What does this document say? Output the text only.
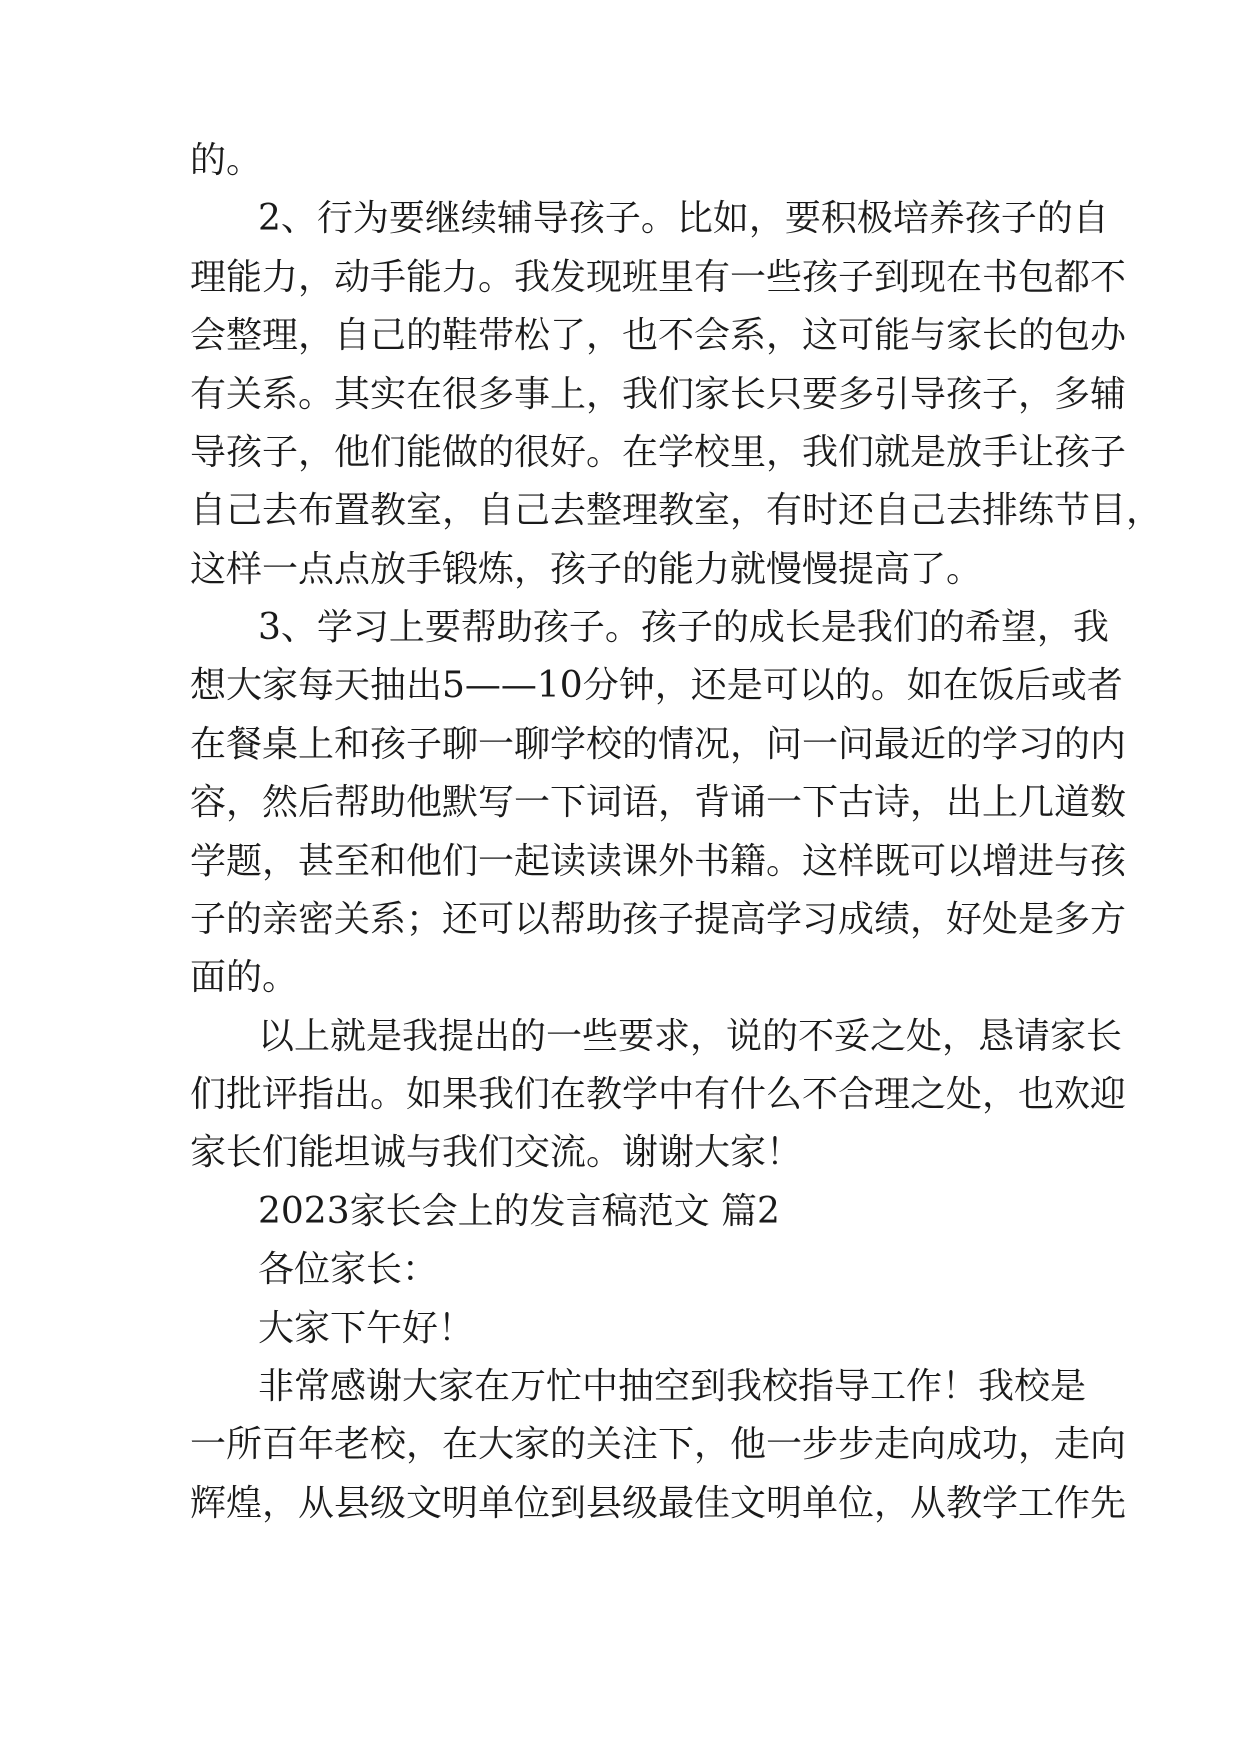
的。
2、行为要继续辅导孩子。比如，要积极培养孩子的自
理能力，动手能力。我发现班里有一些孩子到现在书包都不
会整理，自己的鞋带松了，也不会系，这可能与家长的包办
有关系。其实在很多事上，我们家长只要多引导孩子，多辅
导孩子，他们能做的很好。在学校里，我们就是放手让孩子
自己去布置教室，自己去整理教室，有时还自己去排练节目，
这样一点点放手锻炼，孩子的能力就慢慢提高了。
3、学习上要帮助孩子。孩子的成长是我们的希望，我
想大家每天抽出5——10分钟，还是可以的。如在饭后或者
在餐桌上和孩子聊一聊学校的情况，问一问最近的学习的内
容，然后帮助他默写一下词语，背诵一下古诗，出上几道数
学题，甚至和他们一起读读课外书籍。这样既可以增进与孩
子的亲密关系；还可以帮助孩子提高学习成绩，好处是多方
面的。
以上就是我提出的一些要求，说的不妥之处，恳请家长
们批评指出。如果我们在教学中有什么不合理之处，也欢迎
家长们能坦诚与我们交流。谢谢大家！
2023家长会上的发言稿范文 篇2
各位家长：
大家下午好！
非常感谢大家在万忙中抽空到我校指导工作！我校是
一所百年老校，在大家的关注下，他一步步走向成功，走向
辉煌，从县级文明单位到县级最佳文明单位，从教学工作先
